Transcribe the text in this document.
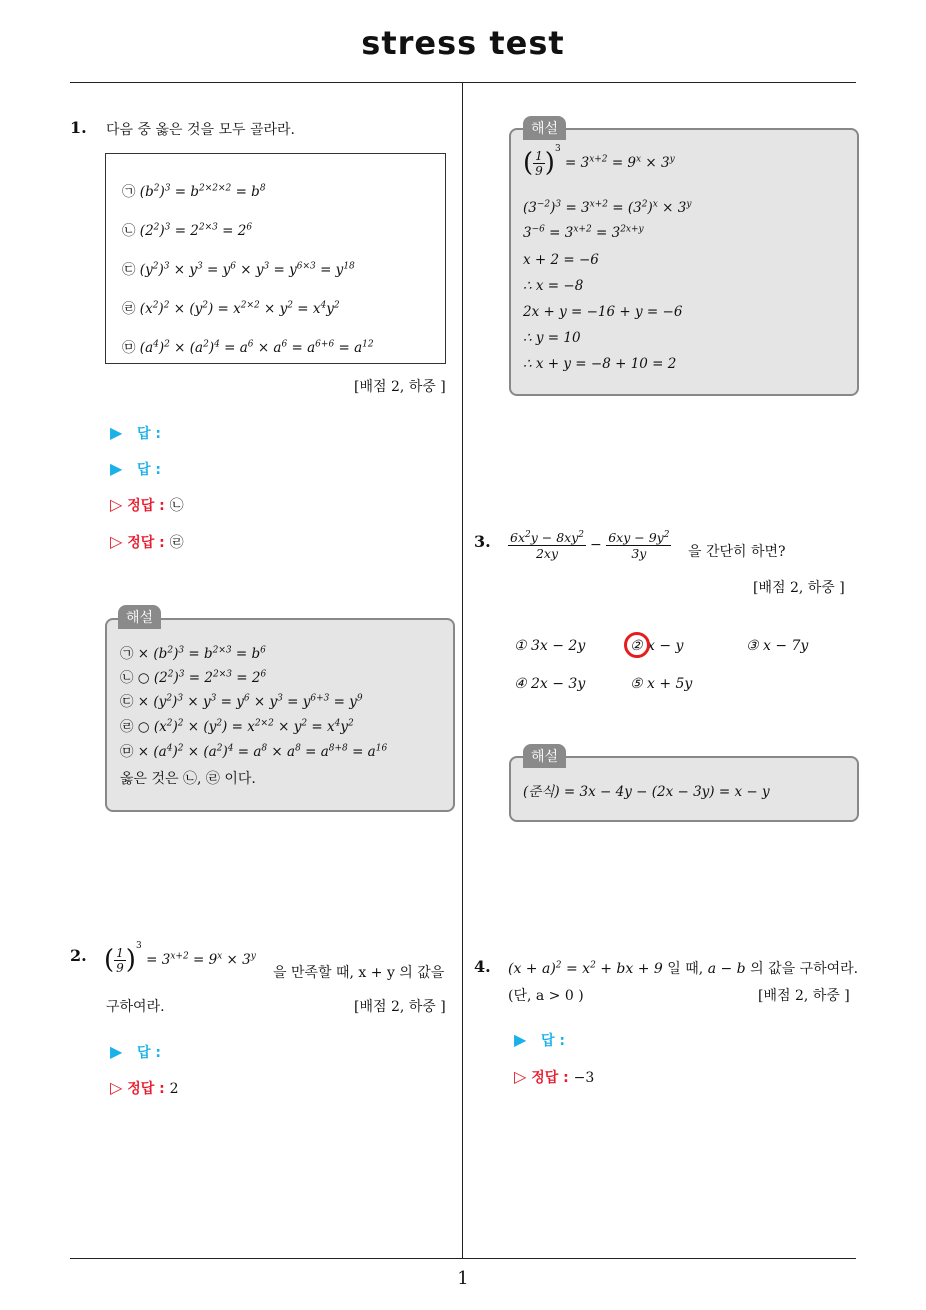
stress test
1
1. 다음 중 옳은 것을 모두 골라라.
㉠ $(b^2)^3 = b^{2\times 2\times 2} = b^8$
㉡ $(2^2)^3 = 2^{2\times 3} = 2^6$
㉢ $(y^2)^3 \times y^3 = y^6 \times y^3 = y^{6\times 3} = y^{18}$
㉣ $(x^2)^2 \times (y^2) = x^{2\times 2} \times y^2 = x^4y^2$
㉤ $(a^4)^2 \times (a^2)^4 = a^6 \times a^6 = a^{6+6} = a^{12}$
[배점 2, 하중 ]
▶ 답 :
▶ 답 :
▷ 정답 : ㉡
▷ 정답 : ㉣
㉠ × $(b^2)^3 = b^{2\times 3} = b^6$
㉡ ○ $(2^2)^3 = 2^{2\times 3} = 2^6$
㉢ × $(y^2)^3 \times y^3 = y^6 \times y^3 = y^{6+3} = y^9$
㉣ ○ $(x^2)^2 \times (y^2) = x^{2\times 2} \times y^2 = x^4y^2$
㉤ × $(a^4)^2 \times (a^2)^4 = a^8 \times a^8 = a^{8+8} = a^{16}$
옳은 것은 ㉡, ㉣ 이다.
해설
2. ( $\frac{1}{9} )^3 = 3^{x+2} = 9^x \times 3^y$
을 만족할 때, x + y 의 값을
구하여라.	[배점 2, 하중 ]
▶ 답 :
▷ 정답 : 2
( $\frac{1}{9} )^3 = 3^{x+2} = 9^x \times 3^y$
$(3^{-2})^3 = 3^{x+2} = (3^2)^x \times 3^y$
$3^{-6} = 3^{x+2} = 3^{2x+y}$
x + 2 = −6
∴ x = −8
2x + y = −16 + y = −6
∴ y = 10
∴ x + y = −8 + 10 = 2
해설
3. $\frac{6x^2y - 8xy^2}{2xy} - \frac{6xy - 9y^2}{3y}$ 을 간단히 하면?
[배점 2, 하중 ]
① 3x − 2y	② x − y	③ x − 7y
④ 2x − 3y	⑤ x + 5y
(준식) = 3x − 4y − (2x − 3y) = x − y
해설
4. $(x + a)^2 = x^2$ + bx + 9 일 때, a − b 의 값을 구하여라.
(단, a > 0 )	[배점 2, 하중 ]
▶ 답 :
▷ 정답 : −3
